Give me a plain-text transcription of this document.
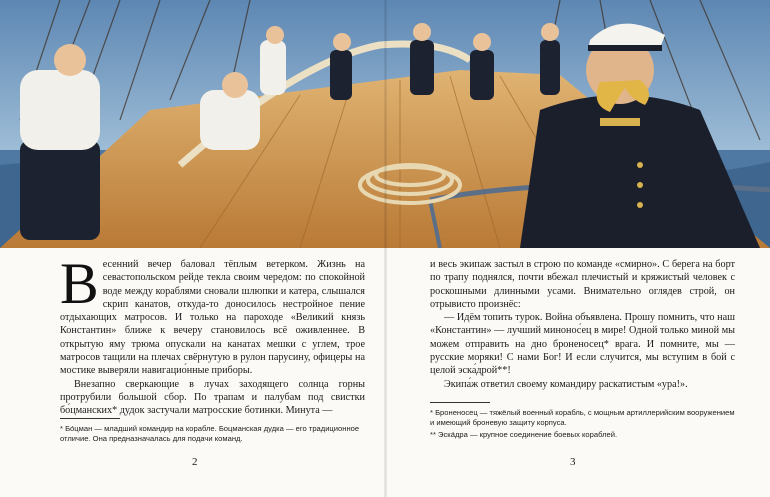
Весенний вечер баловал тёплым ветерком. Жизнь на севастопольском рейде текла своим чередом: по спокойной воде между кораблями сновали шлюпки и катера, слышался скрип канатов, откуда-то доносилось нестройное пение отдыхающих матросов. И только на пароходе «Великий князь Константин» ближе к вечеру становилось всё оживленнее. В открытую яму трюма опускали на канатах мешки с углем, трое матросов тащили на плечах свёрнутую в рулон парусину, офицеры на мостике выверяли навигацио́нные приборы.

Внезапно сверкающие в лучах заходящего солнца горны протрубили большой сбор. По трапам и палубам под свистки бо́цманских* дудок застучали матросские ботинки. Минута —

* Бо́цман — младший командир на корабле. Боцманская дудка — его традиционное отличие. Она предназначалась для подачи команд.

2

и весь экипаж застыл в строю по команде «смирно». С берега на борт по трапу поднялся, почти вбежал плечистый и кряжистый человек с роскошными длинными усами. Внимательно оглядев строй, он отрывисто произнёс:

— Идём топить турок. Война объявлена. Прошу помнить, что наш «Константин» — лучший минонос́ец в мире! Одной только миной мы можем отправить на дно броненосец* врага. И помните, мы — русские моряки! С нами Бог! И если случится, мы вступим в бой с целой эска́дрой**!

Экипа́ж ответил своему командиру раскатистым «ура!».

* Броненосец — тяжёлый военный корабль, с мощным артиллерийским вооружением и имеющий броневую защиту корпуса.

** Эска́дра — крупное соединение боевых кораблей.

3
